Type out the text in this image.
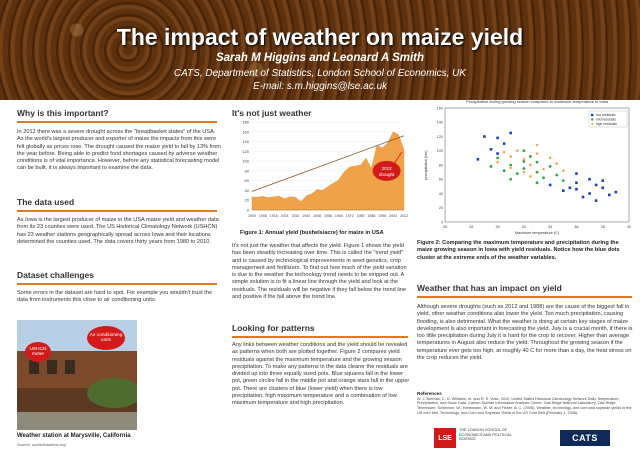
The impact of weather on maize yield
Sarah M Higgins and Leonard A Smith
CATS, Department of Statistics, London School of Economics, UK
E-mail: s.m.higgins@lse.ac.uk
Why is this important?
In 2012 there was a severe drought across the "breadbasket states" of the USA. As the world's largest producer and exporter of maize the impacts from this were felt globally as prices rose. The drought caused the maize yield to fall by 13% from the year before. Being able to predict food shortages caused by adverse weather conditions is of vital importance. However, before any statistical forecasting model can be built, it is always important to examine the data.
The data used
As Iowa is the largest producer of maize in the USA maize yield and weather data from its 23 counties were used. The US Historical Climatology Network (USHCN) has 23 weather stations geographically spread across Iowa and their locations determined the counties used. The data covers thirty years from 1980 to 2010.
Dataset challenges
Some errors in the dataset are hard to spot. For example you wouldn't trust the data from instruments this close to air conditioning units.
USHCN meter
Air conditioning units
Weather station at Marysville, California
Source: surfacestations.org
It's not just weather
0
20
40
60
80
100
120
140
160
180
1900 1908 1916 1924 1932 1940 1948 1956 1964 1972 1980 1988 1996 2004 2012
2012
drought
Figure 1: Annual yield (bushels/acre) for maize in USA
It's not just the weather that affects the yield. Figure 1 shows the yield has been steadily increasing over time. This is called the "trend yield" and is caused by technological improvements in seed genetics, crop management and fertilizers. To find out how much of the yield variation is due to the weather the technology trend needs to be stripped out. A simple solution is to fit a linear line through the yield and look at the residuals. The residuals will be negative if they fall below the trend line and positive if the fall above the trend line.
Looking for patterns
Any links between weather conditions and the yield should be revealed as patterns when both are plotted together. Figure 2 compares yield residuals against the maximum temperature and the growing season precipitation. To make any patterns in the data clearer the residuals are divided up into three equally sized pots. Blue squares fall in the lower pot, green circles fall in the middle pot and orange stars fall in the upper pot. There are clusters of blue (lower yield) when there is low precipitation, high maximum temperature and a combination of low maximum temperature and high precipitation.
Precipitation during growing season compared to maximum temperature in Iowa
0
20
40
60
80
100
120
140
160
26	28	30	32	34	36	38	40
Maximum temperature (C)
precipitation (cm)
low residuals
mid residuals
high residuals
Figure 2: Comparing the maximum temperature and precipitation during the maize growing season in Iowa with yield residuals. Notice how the blue dots cluster at the extreme ends of the weather variables.
Weather that has an impact on yield
Although severe droughts (such as 2012 and 1988) are the cause of the biggest fall in yield, other weather conditions also lower the yield. Too much precipitation, causing flooding, is also detrimental. What the weather is doing at certain key stages of maize development is also important in forecasting the yield. July is a crucial month, if there is too little precipitation during July it is hard for the crop to recover. Higher than average temperatures in August also reduce the yield. Throughout the growing season if the temperature ever gets too high, at roughly 40 C for more than a day, the heat stress on the crop reduces the yield.
References
W. J. Berman, C. G. Williams, et. and R. S. Vose. 2012. United States Historical Climatology Network Daily Temperature, Precipitation, and Snow Data. Carbon Dioxide Information Analysis Center, Oak Ridge National Laboratory, Oak Ridge, Tennessee. Schlenker, W., Hanemann, W. M. and Fisher, A. C. (2006). Weather, technology, and corn and soybean yields in the US corn belt. Technology, and Corn and Soybean Yields in the US Corn Belt (February 1, 2006).
LSE
THE LONDON SCHOOL OF ECONOMICS AND POLITICAL SCIENCE	CATS
